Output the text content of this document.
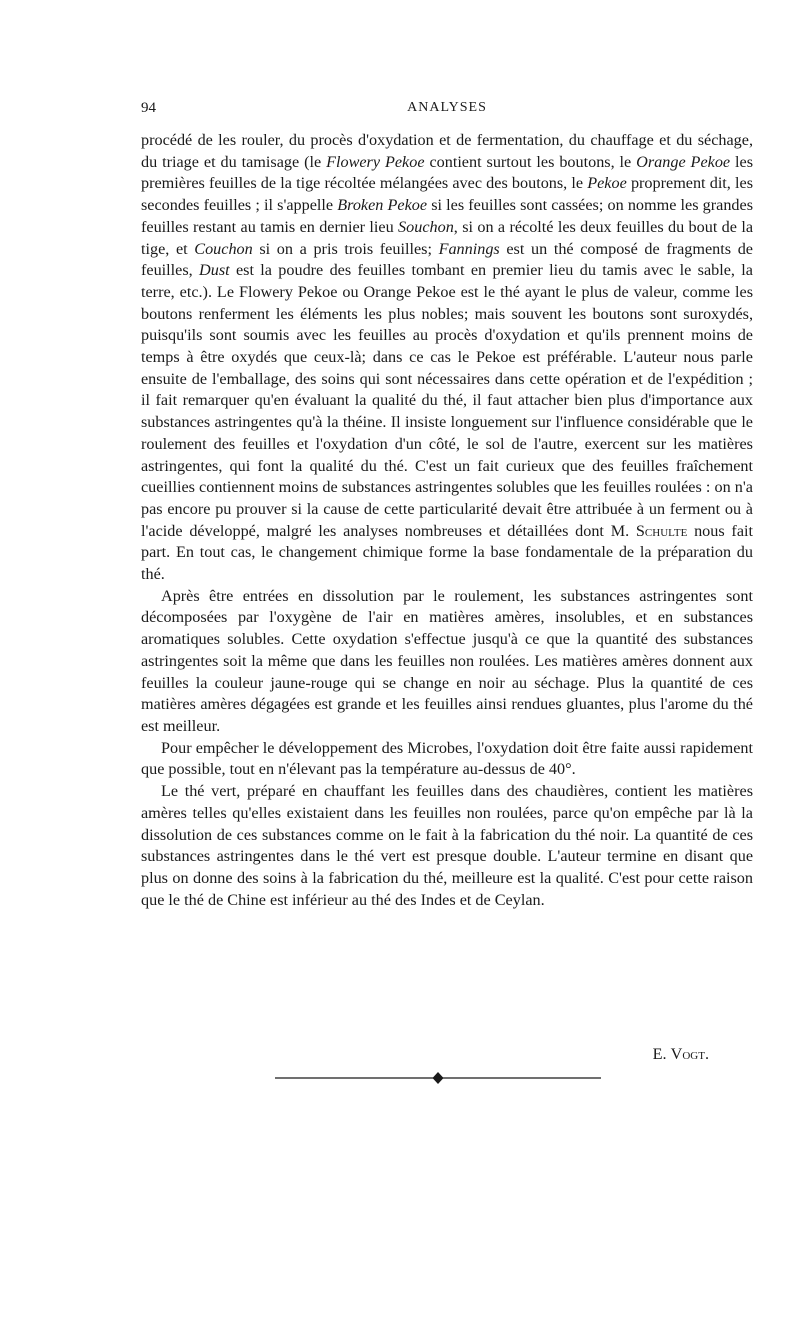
94	ANALYSES

procédé de les rouler, du procès d'oxydation et de fermentation, du chauffage et du séchage, du triage et du tamisage (le Flowery Pekoe contient surtout les boutons, le Orange Pekoe les premières feuilles de la tige récoltée mélangées avec des boutons, le Pekoe proprement dit, les secondes feuilles ; il s'appelle Broken Pekoe si les feuilles sont cassées; on nomme les grandes feuilles restant au tamis en dernier lieu Souchon, si on a récolté les deux feuilles du bout de la tige, et Couchon si on a pris trois feuilles; Fannings est un thé composé de fragments de feuilles, Dust est la poudre des feuilles tombant en premier lieu du tamis avec le sable, la terre, etc.). Le Flowery Pekoe ou Orange Pekoe est le thé ayant le plus de valeur, comme les boutons renferment les éléments les plus nobles; mais souvent les boutons sont suroxydés, puisqu'ils sont soumis avec les feuilles au procès d'oxydation et qu'ils prennent moins de temps à être oxydés que ceux-là; dans ce cas le Pekoe est préférable. L'auteur nous parle ensuite de l'emballage, des soins qui sont nécessaires dans cette opération et de l'expédition ; il fait remarquer qu'en évaluant la qualité du thé, il faut attacher bien plus d'importance aux substances astringentes qu'à la théine. Il insiste longuement sur l'influence considérable que le roulement des feuilles et l'oxydation d'un côté, le sol de l'autre, exercent sur les matières astringentes, qui font la qualité du thé. C'est un fait curieux que des feuilles fraîchement cueillies contiennent moins de substances astringentes solubles que les feuilles roulées : on n'a pas encore pu prouver si la cause de cette particularité devait être attribuée à un ferment ou à l'acide développé, malgré les analyses nombreuses et détaillées dont M. Schulte nous fait part. En tout cas, le changement chimique forme la base fondamentale de la préparation du thé.

Après être entrées en dissolution par le roulement, les substances astringentes sont décomposées par l'oxygène de l'air en matières amères, insolubles, et en substances aromatiques solubles. Cette oxydation s'effectue jusqu'à ce que la quantité des substances astringentes soit la même que dans les feuilles non roulées. Les matières amères donnent aux feuilles la couleur jaune-rouge qui se change en noir au séchage. Plus la quantité de ces matières amères dégagées est grande et les feuilles ainsi rendues gluantes, plus l'arome du thé est meilleur.

Pour empêcher le développement des Microbes, l'oxydation doit être faite aussi rapidement que possible, tout en n'élevant pas la température au-dessus de 40°.

Le thé vert, préparé en chauffant les feuilles dans des chaudières, contient les matières amères telles qu'elles existaient dans les feuilles non roulées, parce qu'on empêche par là la dissolution de ces substances comme on le fait à la fabrication du thé noir. La quantité de ces substances astringentes dans le thé vert est presque double. L'auteur termine en disant que plus on donne des soins à la fabrication du thé, meilleure est la qualité. C'est pour cette raison que le thé de Chine est inférieur au thé des Indes et de Ceylan.

E. Vogt.
